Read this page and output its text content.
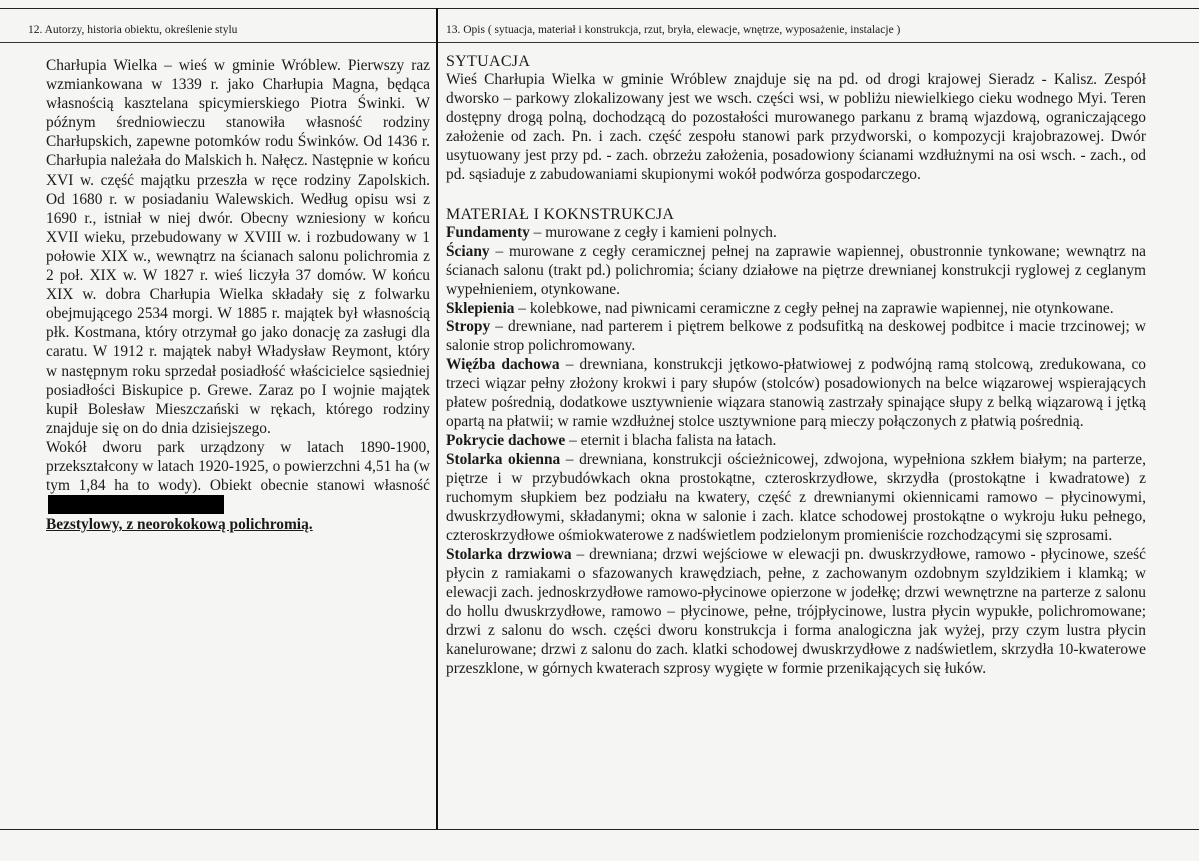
12. Autorzy, historia obiektu, określenie stylu	13. Opis ( sytuacja, materiał i konstrukcja, rzut, bryła, elewacje, wnętrze, wyposażenie, instalacje )

Charłupia Wielka – wieś w gminie Wróblew. Pierwszy raz wzmiankowana w 1339 r. jako Charłupia Magna, będąca własnością kasztelana spicymierskiego Piotra Świnki. W późnym średniowieczu stanowiła własność rodziny Charłupskich, zapewne potomków rodu Świnków. Od 1436 r. Charłupia należała do Malskich h. Nałęcz. Następnie w końcu XVI w. część majątku przeszła w ręce rodziny Zapolskich. Od 1680 r. w posiadaniu Walewskich. Według opisu wsi z 1690 r., istniał w niej dwór. Obecny wzniesiony w końcu XVII wieku, przebudowany w XVIII w. i rozbudowany w 1 połowie XIX w., wewnątrz na ścianach salonu polichromia z 2 poł. XIX w. W 1827 r. wieś liczyła 37 domów. W końcu XIX w. dobra Charłupia Wielka składały się z folwarku obejmującego 2534 morgi. W 1885 r. majątek był własnością płk. Kostmana, który otrzymał go jako donację za zasługi dla caratu. W 1912 r. majątek nabył Władysław Reymont, który w następnym roku sprzedał posiadłość właścicielce sąsiedniej posiadłości Biskupice p. Grewe. Zaraz po I wojnie majątek kupił Bolesław Mieszczański w rękach, którego rodziny znajduje się on do dnia dzisiejszego.

Wokół dworu park urządzony w latach 1890-1900, przekształcony w latach 1920-1925, o powierzchni 4,51 ha (w tym 1,84 ha to wody). Obiekt obecnie stanowi własność

Bezstylowy, z neorokokową polichromią.

SYTUACJA

Wieś Charłupia Wielka w gminie Wróblew znajduje się na pd. od drogi krajowej Sieradz - Kalisz. Zespół dworsko – parkowy zlokalizowany jest we wsch. części wsi, w pobliżu niewielkiego cieku wodnego Myi. Teren dostępny drogą polną, dochodzącą do pozostałości murowanego parkanu z bramą wjazdową, ograniczającego założenie od zach. Pn. i zach. część zespołu stanowi park przydworski, o kompozycji krajobrazowej. Dwór usytuowany jest przy pd. - zach. obrzeżu założenia, posadowiony ścianami wzdłużnymi na osi wsch. - zach., od pd. sąsiaduje z zabudowaniami skupionymi wokół podwórza gospodarczego.

MATERIAŁ I KOKNSTRUKCJA

Fundamenty – murowane z cegły i kamieni polnych.

Ściany – murowane z cegły ceramicznej pełnej na zaprawie wapiennej, obustronnie tynkowane; wewnątrz na ścianach salonu (trakt pd.) polichromia; ściany działowe na piętrze drewnianej konstrukcji ryglowej z ceglanym wypełnieniem, otynkowane.

Sklepienia – kolebkowe, nad piwnicami ceramiczne z cegły pełnej na zaprawie wapiennej, nie otynkowane.

Stropy – drewniane, nad parterem i piętrem belkowe z podsufitką na deskowej podbitce i macie trzcinowej; w salonie strop polichromowany.

Więźba dachowa – drewniana, konstrukcji jętkowo-płatwiowej z podwójną ramą stolcową, zredukowana, co trzeci wiązar pełny złożony krokwi i pary słupów (stolców) posadowionych na belce wiązarowej wspierających płatew pośrednią, dodatkowe usztywnienie wiązara stanowią zastrzały spinające słupy z belką wiązarową i jętką opartą na płatwii; w ramie wzdłużnej stolce usztywnione parą mieczy połączonych z płatwią pośrednią.

Pokrycie dachowe – eternit i blacha falista na łatach.

Stolarka okienna – drewniana, konstrukcji ościeżnicowej, zdwojona, wypełniona szkłem białym; na parterze, piętrze i w przybudówkach okna prostokątne, czteroskrzydłowe, skrzydła (prostokątne i kwadratowe) z ruchomym słupkiem bez podziału na kwatery, część z drewnianymi okiennicami ramowo – płycinowymi, dwuskrzydłowymi, składanymi; okna w salonie i zach. klatce schodowej prostokątne o wykroju łuku pełnego, czteroskrzydłowe ośmiokwaterowe z nadświetlem podzielonym promieniście rozchodzącymi się szprosami.

Stolarka drzwiowa – drewniana; drzwi wejściowe w elewacji pn. dwuskrzydłowe, ramowo - płycinowe, sześć płycin z ramiakami o sfazowanych krawędziach, pełne, z zachowanym ozdobnym szyldzikiem i klamką; w elewacji zach. jednoskrzydłowe ramowo-płycinowe opierzone w jodełkę; drzwi wewnętrzne na parterze z salonu do hollu dwuskrzydłowe, ramowo – płycinowe, pełne, trójpłycinowe, lustra płycin wypukłe, polichromowane; drzwi z salonu do wsch. części dworu konstrukcja i forma analogiczna jak wyżej, przy czym lustra płycin kanelurowane; drzwi z salonu do zach. klatki schodowej dwuskrzydłowe z nadświetlem, skrzydła 10-kwaterowe przeszklone, w górnych kwaterach szprosy wygięte w formie przenikających się łuków.
